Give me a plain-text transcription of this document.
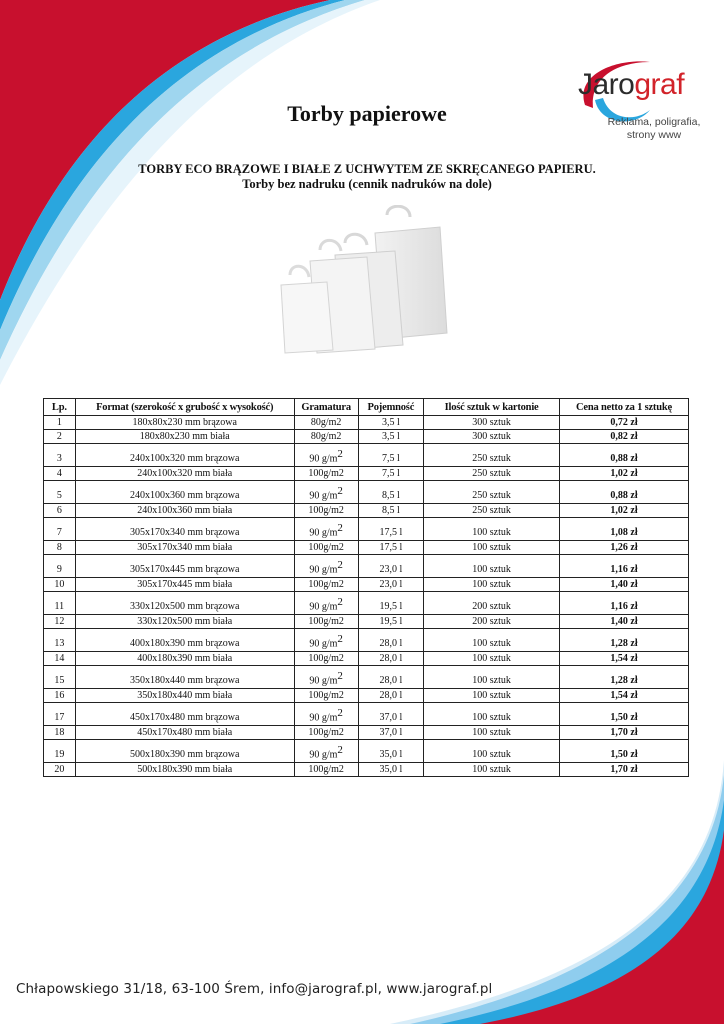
Torby papierowe
Jarograf
Reklama, poligrafia,
strony www
TORBY ECO BRĄZOWE I BIAŁE Z UCHWYTEM ZE SKRĘCANEGO PAPIERU.
Torby bez nadruku (cennik nadruków na dole)
Lp.	Format (szerokość x grubość x wysokość)	Gramatura	Pojemność	Ilość sztuk w kartonie	Cena netto za 1 sztukę
1	180x80x230 mm brązowa	80g/m2	3,5 l	300 sztuk	0,72 zł
2	180x80x230 mm biała	80g/m2	3,5 l	300 sztuk	0,82 zł
3	240x100x320 mm brązowa	90 $g/m^2$	7,5 l	250 sztuk	0,88 zł
4	240x100x320 mm biała	100g/m2	7,5 l	250 sztuk	1,02 zł
5	240x100x360 mm brązowa	90 $g/m^2$	8,5 l	250 sztuk	0,88 zł
6	240x100x360 mm biała	100g/m2	8,5 l	250 sztuk	1,02 zł
7	305x170x340 mm brązowa	90 $g/m^2$	17,5 l	100 sztuk	1,08 zł
8	305x170x340 mm biała	100g/m2	17,5 l	100 sztuk	1,26 zł
9	305x170x445 mm brązowa	90 $g/m^2$	23,0 l	100 sztuk	1,16 zł
10	305x170x445 mm biała	100g/m2	23,0 l	100 sztuk	1,40 zł
11	330x120x500 mm brązowa	90 $g/m^2$	19,5 l	200 sztuk	1,16 zł
12	330x120x500 mm biała	100g/m2	19,5 l	200 sztuk	1,40 zł
13	400x180x390 mm brązowa	90 $g/m^2$	28,0 l	100 sztuk	1,28 zł
14	400x180x390 mm biała	100g/m2	28,0 l	100 sztuk	1,54 zł
15	350x180x440 mm brązowa	90 $g/m^2$	28,0 l	100 sztuk	1,28 zł
16	350x180x440 mm biała	100g/m2	28,0 l	100 sztuk	1,54 zł
17	450x170x480 mm brązowa	90 $g/m^2$	37,0 l	100 sztuk	1,50 zł
18	450x170x480 mm biała	100g/m2	37,0 l	100 sztuk	1,70 zł
19	500x180x390 mm brązowa	90 $g/m^2$	35,0 l	100 sztuk	1,50 zł
20	500x180x390 mm biała	100g/m2	35,0 l	100 sztuk	1,70 zł
Chłapowskiego 31/18, 63-100 Śrem, info@jarograf.pl, www.jarograf.pl
